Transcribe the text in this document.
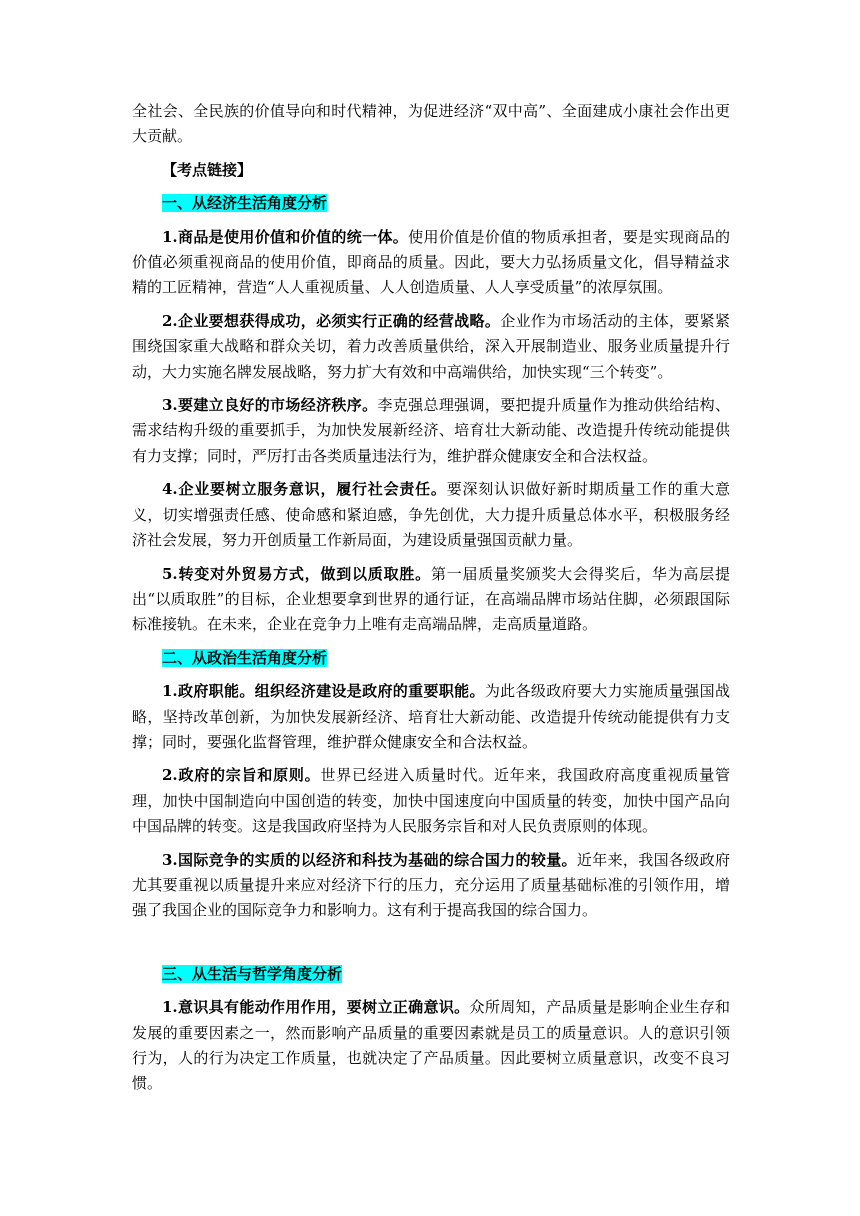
全社会、全民族的价值导向和时代精神，为促进经济“双中高”、全面建成小康社会作出更大贡献。

【考点链接】

一、从经济生活角度分析

1.商品是使用价值和价值的统一体。使用价值是价值的物质承担者，要是实现商品的价值必须重视商品的使用价值，即商品的质量。因此，要大力弘扬质量文化，倡导精益求精的工匠精神，营造“人人重视质量、人人创造质量、人人享受质量”的浓厚氛围。

2.企业要想获得成功，必须实行正确的经营战略。企业作为市场活动的主体，要紧紧围绕国家重大战略和群众关切，着力改善质量供给，深入开展制造业、服务业质量提升行动，大力实施名牌发展战略，努力扩大有效和中高端供给，加快实现“三个转变”。

3.要建立良好的市场经济秩序。李克强总理强调，要把提升质量作为推动供给结构、需求结构升级的重要抓手，为加快发展新经济、培育壮大新动能、改造提升传统动能提供有力支撑；同时，严厉打击各类质量违法行为，维护群众健康安全和合法权益。

4.企业要树立服务意识，履行社会责任。要深刻认识做好新时期质量工作的重大意义，切实增强责任感、使命感和紧迫感，争先创优，大力提升质量总体水平，积极服务经济社会发展，努力开创质量工作新局面，为建设质量强国贡献力量。

5.转变对外贸易方式，做到以质取胜。第一届质量奖颁奖大会得奖后，华为高层提出“以质取胜”的目标，企业想要拿到世界的通行证，在高端品牌市场站住脚，必须跟国际标准接轨。在未来，企业在竞争力上唯有走高端品牌，走高质量道路。

二、从政治生活角度分析

1.政府职能。组织经济建设是政府的重要职能。为此各级政府要大力实施质量强国战略，坚持改革创新，为加快发展新经济、培育壮大新动能、改造提升传统动能提供有力支撑；同时，要强化监督管理，维护群众健康安全和合法权益。

2.政府的宗旨和原则。世界已经进入质量时代。近年来，我国政府高度重视质量管理，加快中国制造向中国创造的转变，加快中国速度向中国质量的转变，加快中国产品向中国品牌的转变。这是我国政府坚持为人民服务宗旨和对人民负责原则的体现。

3.国际竞争的实质的以经济和科技为基础的综合国力的较量。近年来，我国各级政府尤其要重视以质量提升来应对经济下行的压力，充分运用了质量基础标准的引领作用，增强了我国企业的国际竞争力和影响力。这有利于提高我国的综合国力。

三、从生活与哲学角度分析

1.意识具有能动作用作用，要树立正确意识。众所周知，产品质量是影响企业生存和发展的重要因素之一，然而影响产品质量的重要因素就是员工的质量意识。人的意识引领行为，人的行为决定工作质量，也就决定了产品质量。因此要树立质量意识，改变不良习惯。
